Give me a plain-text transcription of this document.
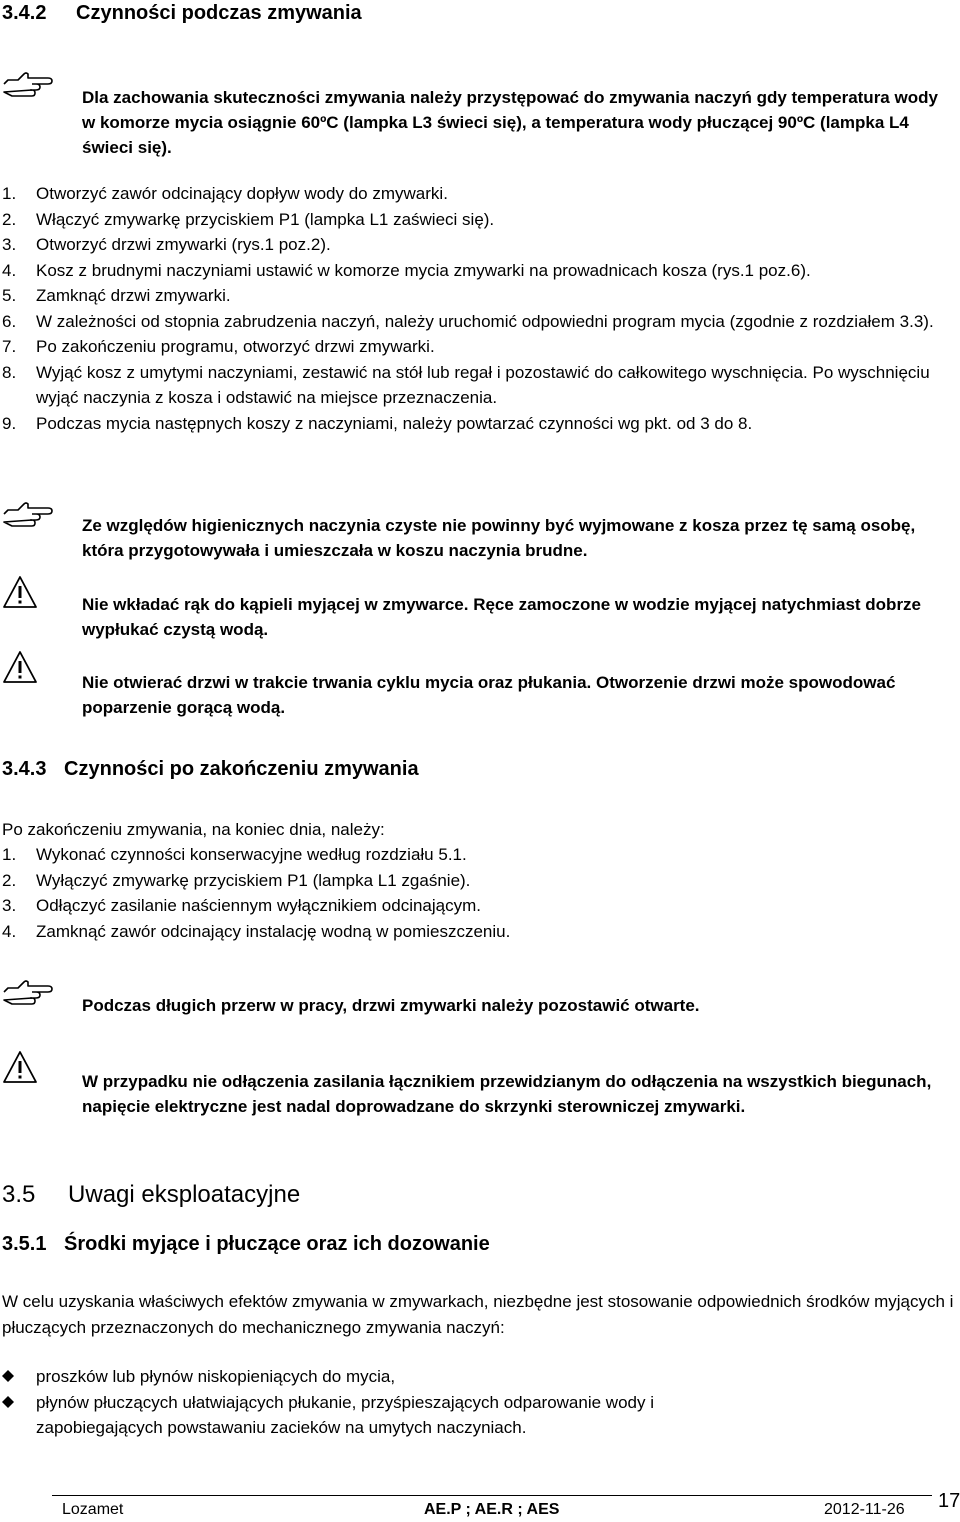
3.4.2 Czynności podczas zmywania
Dla zachowania skuteczności zmywania należy przystępować do zmywania naczyń gdy temperatura wody w komorze mycia osiągnie 60ºC (lampka L3 świeci się), a temperatura wody płuczącej 90ºC (lampka L4 świeci się).
1. Otworzyć zawór odcinający dopływ wody do zmywarki.
2. Włączyć zmywarkę przyciskiem P1 (lampka L1 zaświeci się).
3. Otworzyć drzwi zmywarki (rys.1 poz.2).
4. Kosz z brudnymi naczyniami ustawić w komorze mycia zmywarki na prowadnicach kosza (rys.1 poz.6).
5. Zamknąć drzwi zmywarki.
6. W zależności od stopnia zabrudzenia naczyń, należy uruchomić odpowiedni program mycia (zgodnie z rozdziałem 3.3).
7. Po zakończeniu programu, otworzyć drzwi zmywarki.
8. Wyjąć kosz z umytymi naczyniami, zestawić na stół lub regał i pozostawić do całkowitego wyschnięcia. Po wyschnięciu wyjąć naczynia z kosza i odstawić na miejsce przeznaczenia.
9. Podczas mycia następnych koszy z naczyniami, należy powtarzać czynności wg pkt. od 3 do 8.
Ze względów higienicznych naczynia czyste nie powinny być wyjmowane z kosza przez tę samą osobę, która przygotowywała i umieszczała w koszu naczynia brudne.
Nie wkładać rąk do kąpieli myjącej w zmywarce. Ręce zamoczone w wodzie myjącej natychmiast dobrze wypłukać czystą wodą.
Nie otwierać drzwi w trakcie trwania cyklu mycia oraz płukania. Otworzenie drzwi może spowodować poparzenie gorącą wodą.
3.4.3 Czynności po zakończeniu zmywania
Po zakończeniu zmywania, na koniec dnia, należy:
1. Wykonać czynności konserwacyjne według rozdziału 5.1.
2. Wyłączyć zmywarkę przyciskiem P1 (lampka L1 zgaśnie).
3. Odłączyć zasilanie naściennym wyłącznikiem odcinającym.
4. Zamknąć zawór odcinający instalację wodną w pomieszczeniu.
Podczas długich przerw w pracy, drzwi zmywarki należy pozostawić otwarte.
W przypadku nie odłączenia zasilania łącznikiem przewidzianym do odłączenia na wszystkich biegunach, napięcie elektryczne jest nadal doprowadzane do skrzynki sterowniczej zmywarki.
3.5 Uwagi eksploatacyjne
3.5.1 Środki myjące i płuczące oraz ich dozowanie
W celu uzyskania właściwych efektów zmywania w zmywarkach, niezbędne jest stosowanie odpowiednich środków myjących i płuczących przeznaczonych do mechanicznego zmywania naczyń:
proszków lub płynów niskopieniących do mycia,
płynów płuczących ułatwiających płukanie, przyśpieszających odparowanie wody i zapobiegających powstawaniu zacieków na umytych naczyniach.
Lozamet	AE.P ; AE.R ; AES	2012-11-26 17
